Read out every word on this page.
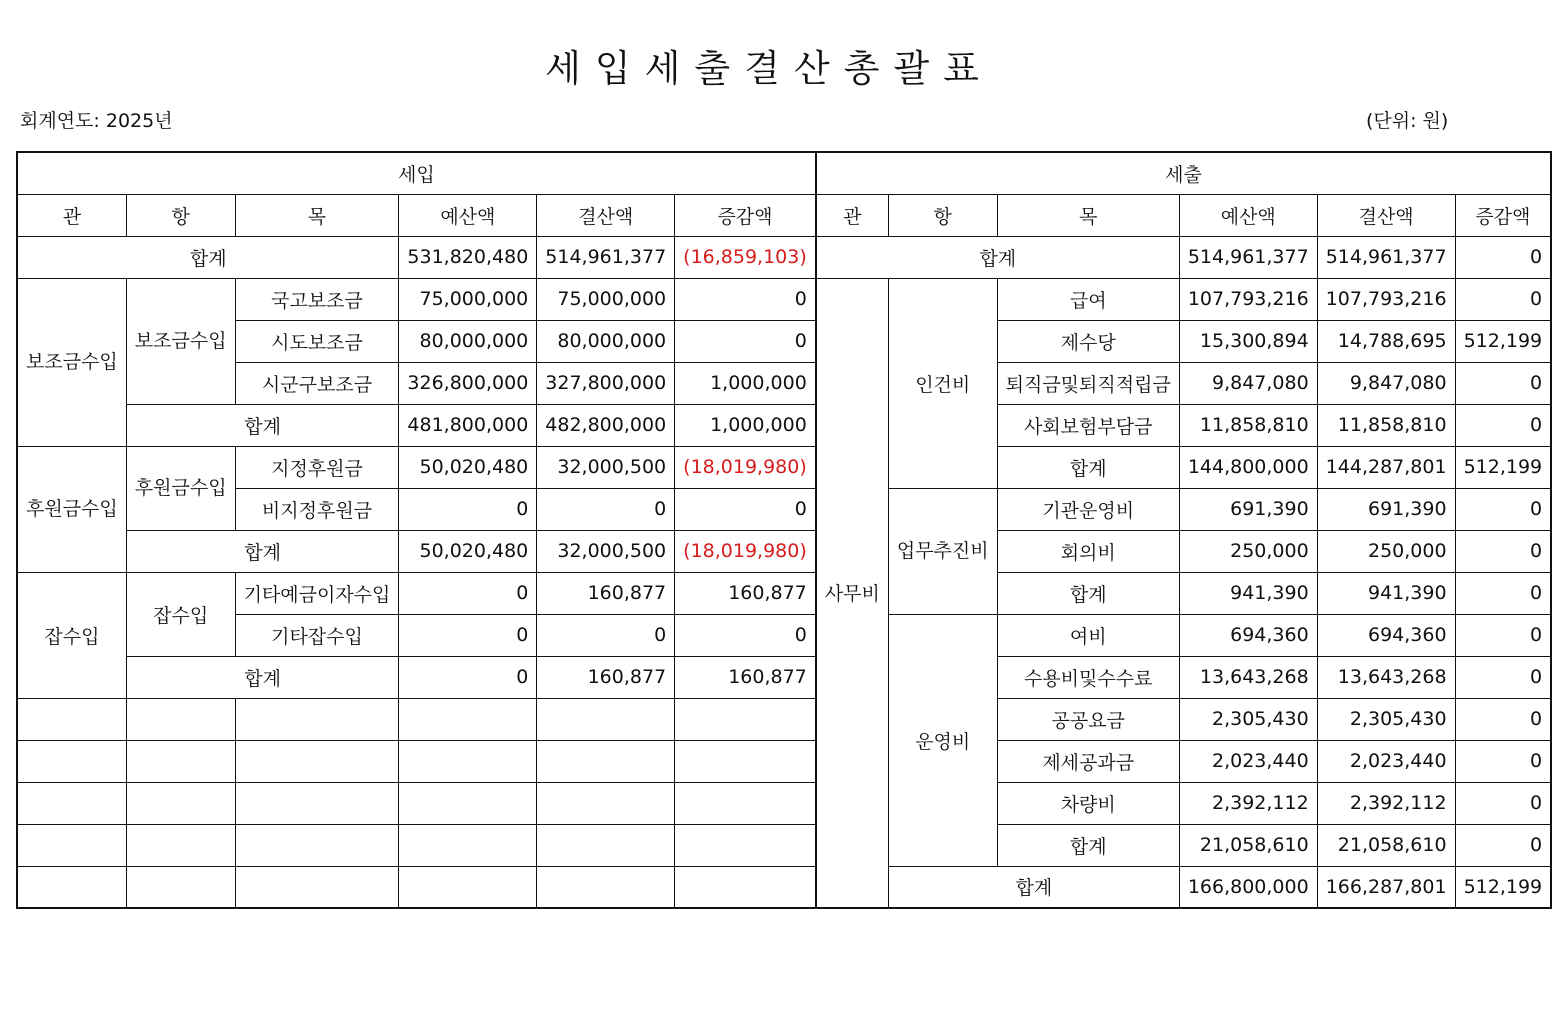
세입세출결산총괄표
회계연도: 2025년	(단위: 원)
세입						세출					
관	항	목	예산액	결산액	증감액	관	항	목	예산액	결산액	증감액
합계			531,820,480	514,961,377	(16,859,103)	합계			514,961,377	514,961,377	0
보조금수입	보조금수입	국고보조금	75,000,000	75,000,000	0	사무비	인건비	급여	107,793,216	107,793,216	0
		시도보조금	80,000,000	80,000,000	0			제수당	15,300,894	14,788,695	512,199
		시군구보조금	326,800,000	327,800,000	1,000,000			퇴직금및퇴직적립금	9,847,080	9,847,080	0
	합계		481,800,000	482,800,000	1,000,000			사회보험부담금	11,858,810	11,858,810	0
후원금수입	후원금수입	지정후원금	50,020,480	32,000,500	(18,019,980)			합계	144,800,000	144,287,801	512,199
		비지정후원금	0	0	0		업무추진비	기관운영비	691,390	691,390	0
	합계		50,020,480	32,000,500	(18,019,980)			회의비	250,000	250,000	0
잡수입	잡수입	기타예금이자수입	0	160,877	160,877			합계	941,390	941,390	0
		기타잡수입	0	0	0		운영비	여비	694,360	694,360	0
	합계		0	160,877	160,877			수용비및수수료	13,643,268	13,643,268	0
								공공요금	2,305,430	2,305,430	0
								제세공과금	2,023,440	2,023,440	0
								차량비	2,392,112	2,392,112	0
								합계	21,058,610	21,058,610	0
							합계		166,800,000	166,287,801	512,199
